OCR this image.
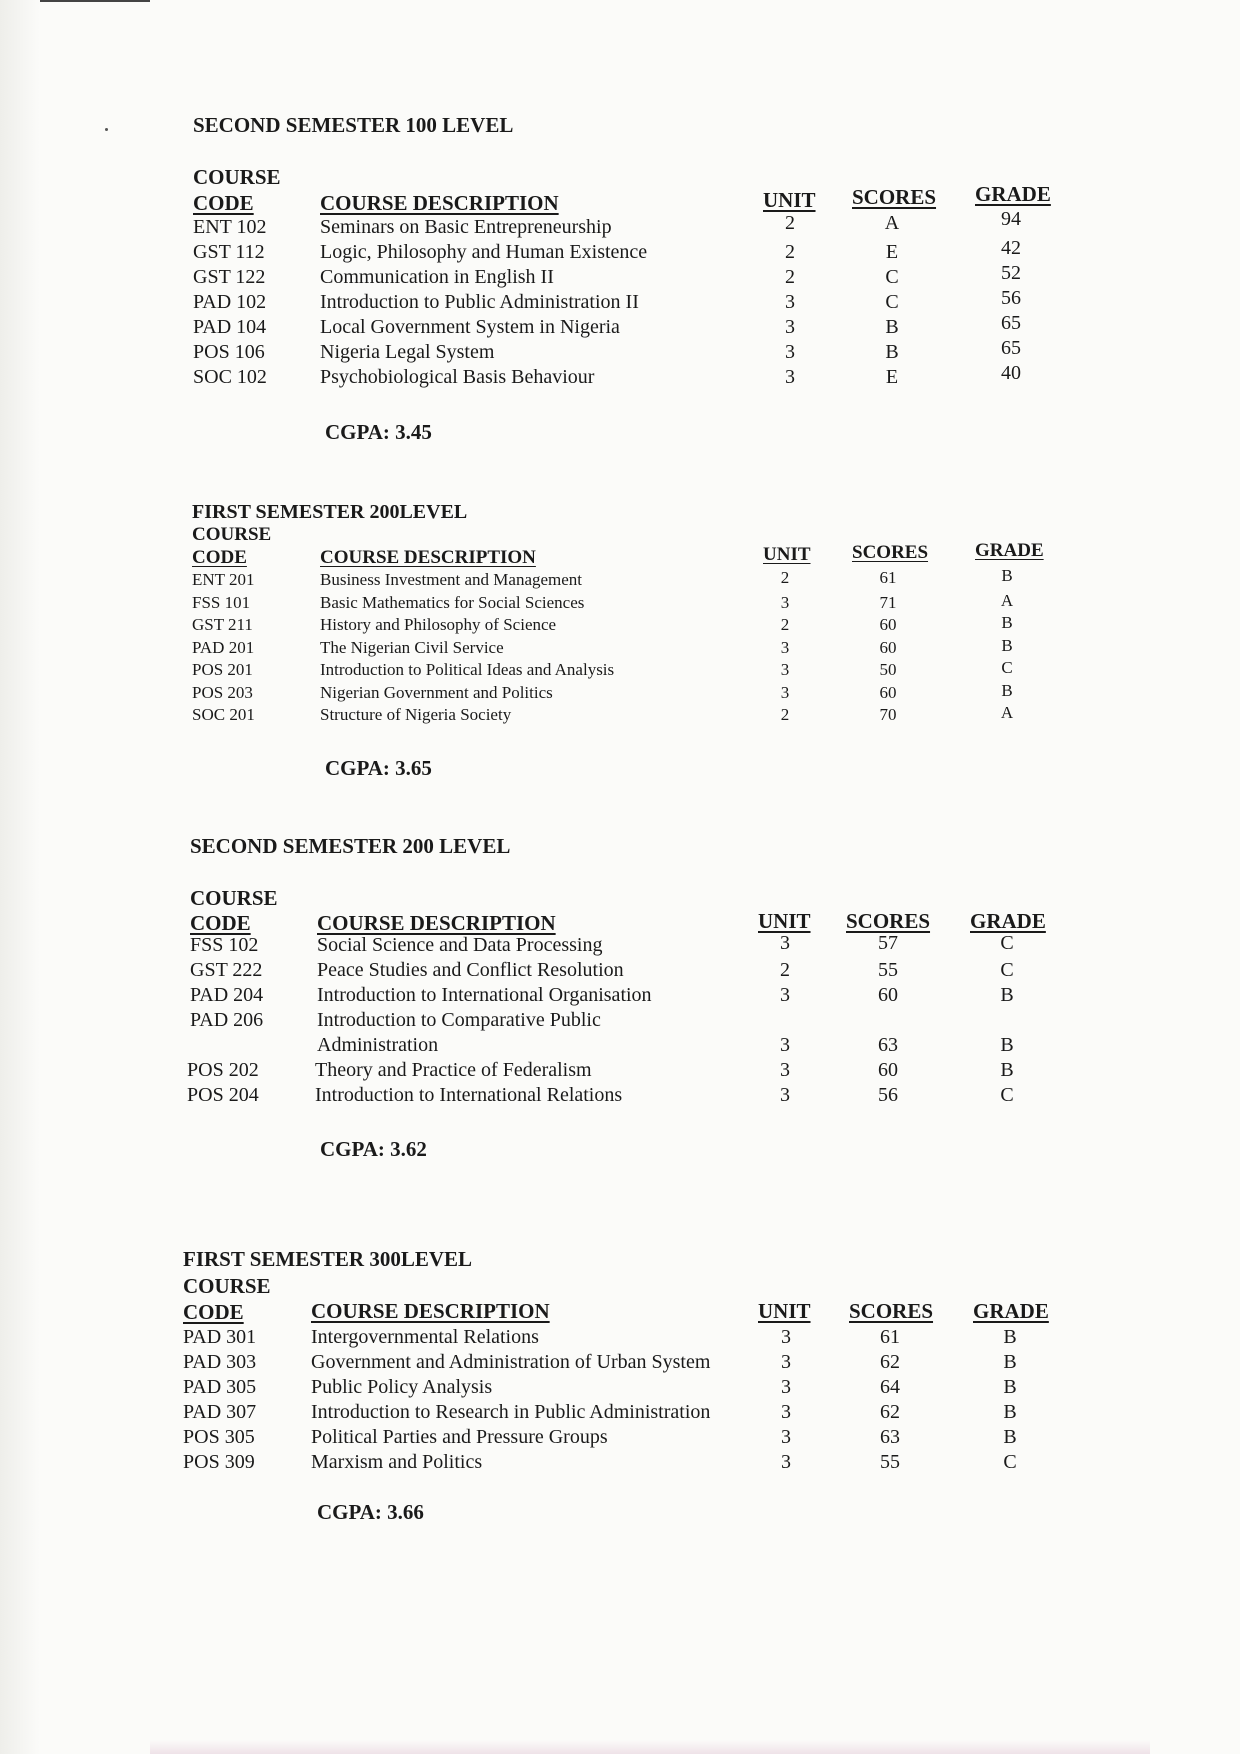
SECOND SEMESTER 100 LEVEL
COURSE
CODE	COURSE DESCRIPTION	UNIT SCORES GRADE
ENT 102	Seminars on Basic Entrepreneurship	2	A	94
GST 112	Logic, Philosophy and Human Existence	2	E	42
GST 122	Communication in English II	2	C	52
PAD 102	Introduction to Public Administration II	3	C	56
PAD 104	Local Government System in Nigeria	3	B	65
POS 106	Nigeria Legal System	3	B	65
SOC 102	Psychobiological Basis Behaviour	3	E	40
CGPA: 3.45
FIRST SEMESTER 200LEVEL
COURSE
CODE	COURSE DESCRIPTION	UNIT SCORES GRADE
ENT 201	Business Investment and Management	2	61	B
FSS 101	Basic Mathematics for Social Sciences	3	71	A
GST 211	History and Philosophy of Science	2	60	B
PAD 201	The Nigerian Civil Service	3	60	B
POS 201	Introduction to Political Ideas and Analysis	3	50	C
POS 203	Nigerian Government and Politics	3	60	B
SOC 201	Structure of Nigeria Society	2	70	A
CGPA: 3.65
SECOND SEMESTER 200 LEVEL
COURSE
CODE	COURSE DESCRIPTION	UNIT SCORES GRADE
FSS 102	Social Science and Data Processing	3	57	C
GST 222	Peace Studies and Conflict Resolution	2	55	C
PAD 204	Introduction to International Organisation	3	60	B
PAD 206	Introduction to Comparative Public
Administration	3	63	B
POS 202	Theory and Practice of Federalism	3	60	B
POS 204	Introduction to International Relations	3	56	C
CGPA: 3.62
FIRST SEMESTER 300LEVEL
COURSE
CODE	COURSE DESCRIPTION	UNIT SCORES GRADE
PAD 301	Intergovernmental Relations	3	61	B
PAD 303	Government and Administration of Urban System	3	62	B
PAD 305	Public Policy Analysis	3	64	B
PAD 307	Introduction to Research in Public Administration	3	62	B
POS 305	Political Parties and Pressure Groups	3	63	B
POS 309	Marxism and Politics	3	55	C
CGPA: 3.66
